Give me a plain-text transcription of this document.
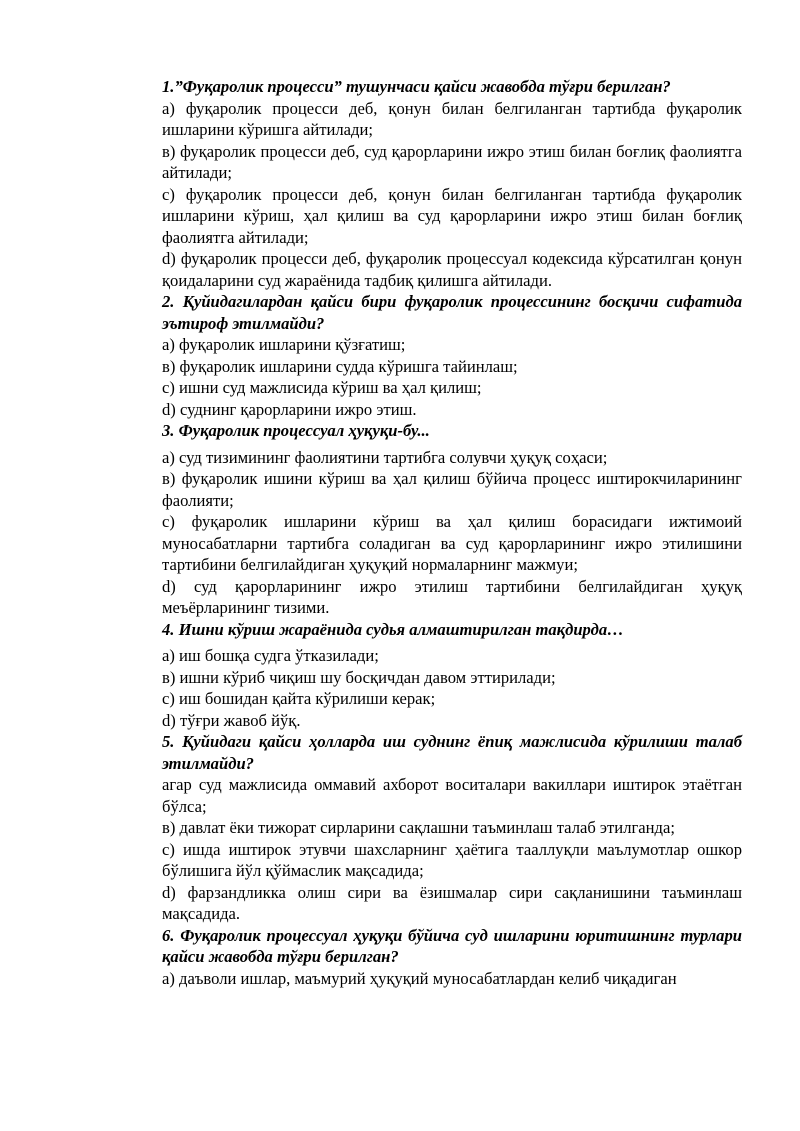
1.”Фуқаролик процесси” тушунчаси қайси жавобда тўғри берилган?

а) фуқаролик процесси деб, қонун билан белгиланган тартибда фуқаролик ишларини кўришга айтилади;

в) фуқаролик процесси деб, суд қарорларини ижро этиш билан боғлиқ фаолиятга айтилади;

с) фуқаролик процесси деб, қонун билан белгиланган тартибда фуқаролик ишларини кўриш, ҳал қилиш ва суд қарорларини ижро этиш билан боғлиқ фаолиятга айтилади;

d) фуқаролик процесси деб, фуқаролик процессуал кодексида кўрсатилган қонун қоидаларини суд жараёнида тадбиқ қилишга айтилади.

2. Қуйидагилардан қайси бири фуқаролик процессининг босқичи сифатида эътироф этилмайди?

а) фуқаролик ишларини қўзғатиш;

в) фуқаролик ишларини судда кўришга тайинлаш;

с) ишни суд мажлисида кўриш ва ҳал қилиш;

d) суднинг қарорларини ижро этиш.

3. Фуқаролик процессуал ҳуқуқи-бу...

а) суд тизимининг фаолиятини тартибга солувчи ҳуқуқ соҳаси;

в) фуқаролик ишини кўриш ва ҳал қилиш бўйича процесс иштирокчиларининг фаолияти;

с) фуқаролик ишларини кўриш ва ҳал қилиш борасидаги ижтимоий муносабатларни тартибга соладиган ва суд қарорларининг ижро этилишини тартибини белгилайдиган ҳуқуқий нормаларнинг мажмуи;

d) суд қарорларининг ижро этилиш тартибини белгилайдиган ҳуқуқ меъёрларининг тизими.

4. Ишни кўриш жараёнида судья алмаштирилган тақдирда…

а) иш бошқа судга ўтказилади;

в) ишни кўриб чиқиш шу босқичдан давом эттирилади;

с) иш бошидан қайта кўрилиши керак;

d) тўғри жавоб йўқ.

5. Қуйидаги қайси ҳолларда иш суднинг ёпиқ мажлисида кўрилиши талаб этилмайди?

агар суд мажлисида оммавий ахборот воситалари вакиллари иштирок этаётган бўлса;

в) давлат ёки тижорат сирларини сақлашни таъминлаш талаб этилганда;

с) ишда иштирок этувчи шахсларнинг ҳаётига тааллуқли маълумотлар ошкор бўлишига йўл қўймаслик мақсадида;

d) фарзандликка олиш сири ва ёзишмалар сири сақланишини таъминлаш мақсадида.

6. Фуқаролик процессуал ҳуқуқи бўйича суд ишларини юритишнинг турлари қайси жавобда тўғри берилган?

а) даъволи ишлар, маъмурий ҳуқуқий муносабатлардан келиб чиқадиган
